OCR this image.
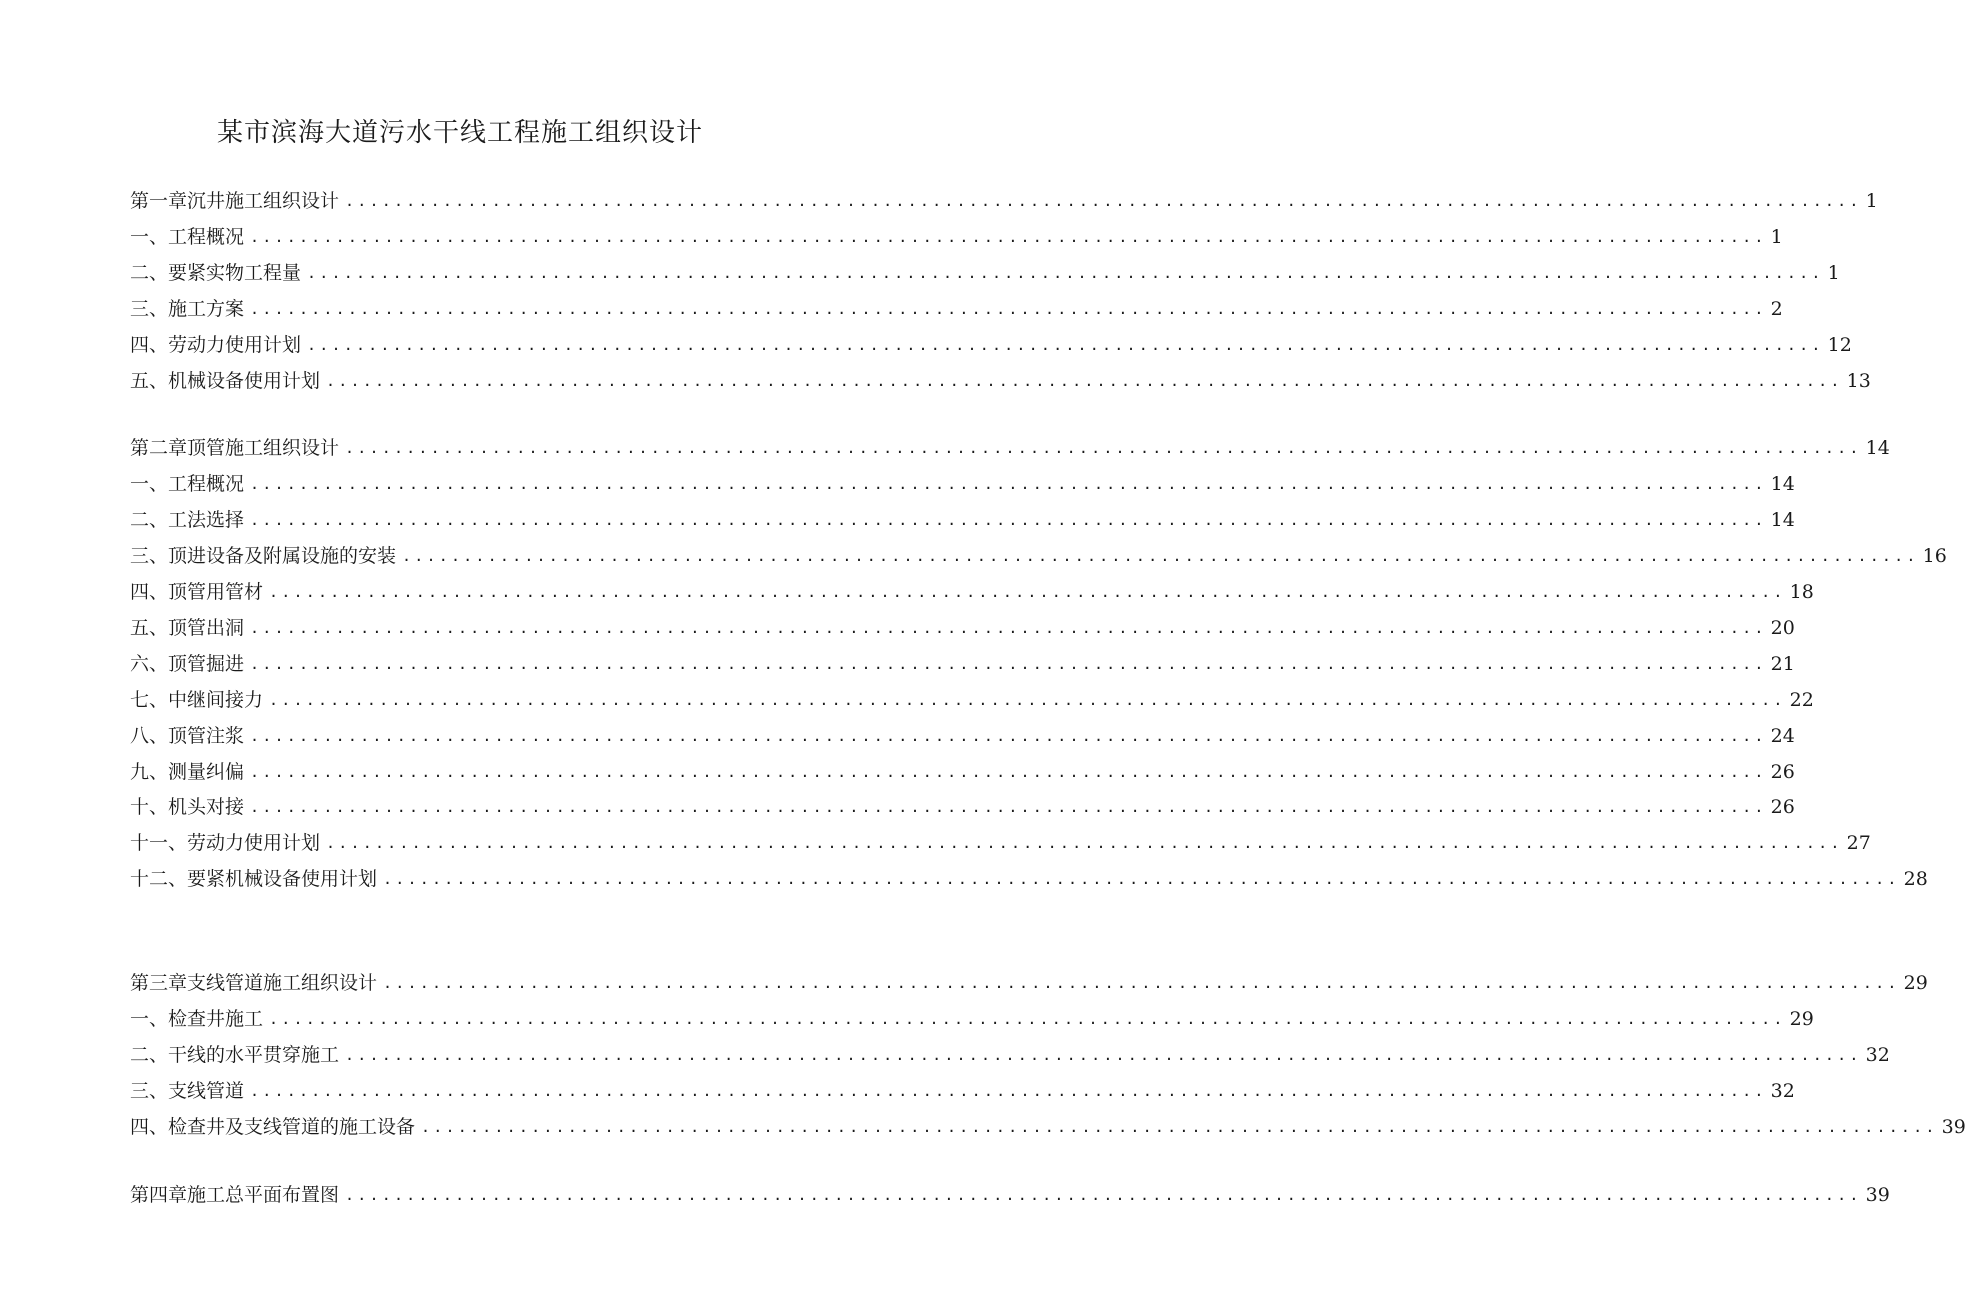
某市滨海大道污水干线工程施工组织设计
第一章沉井施工组织设计 ............................................................................................................................ 1
一、工程概况 ............................................................................................................................ 1
二、要紧实物工程量 ............................................................................................................................ 1
三、施工方案 ............................................................................................................................ 2
四、劳动力使用计划 ............................................................................................................................ 12
五、机械设备使用计划 ............................................................................................................................ 13
第二章顶管施工组织设计 ............................................................................................................................ 14
一、工程概况 ............................................................................................................................ 14
二、工法选择 ............................................................................................................................ 14
三、顶进设备及附属设施的安装 ............................................................................................................................ 16
四、顶管用管材 ............................................................................................................................ 18
五、顶管出洞 ............................................................................................................................ 20
六、顶管掘进 ............................................................................................................................ 21
七、中继间接力 ............................................................................................................................ 22
八、顶管注浆 ............................................................................................................................ 24
九、测量纠偏 ............................................................................................................................ 26
十、机头对接 ............................................................................................................................ 26
十一、劳动力使用计划 ............................................................................................................................ 27
十二、要紧机械设备使用计划 ............................................................................................................................ 28
第三章支线管道施工组织设计 ............................................................................................................................ 29
一、检查井施工 ............................................................................................................................ 29
二、干线的水平贯穿施工 ............................................................................................................................ 32
三、支线管道 ............................................................................................................................ 32
四、检查井及支线管道的施工设备 ............................................................................................................................ 39
第四章施工总平面布置图 ............................................................................................................................ 39
